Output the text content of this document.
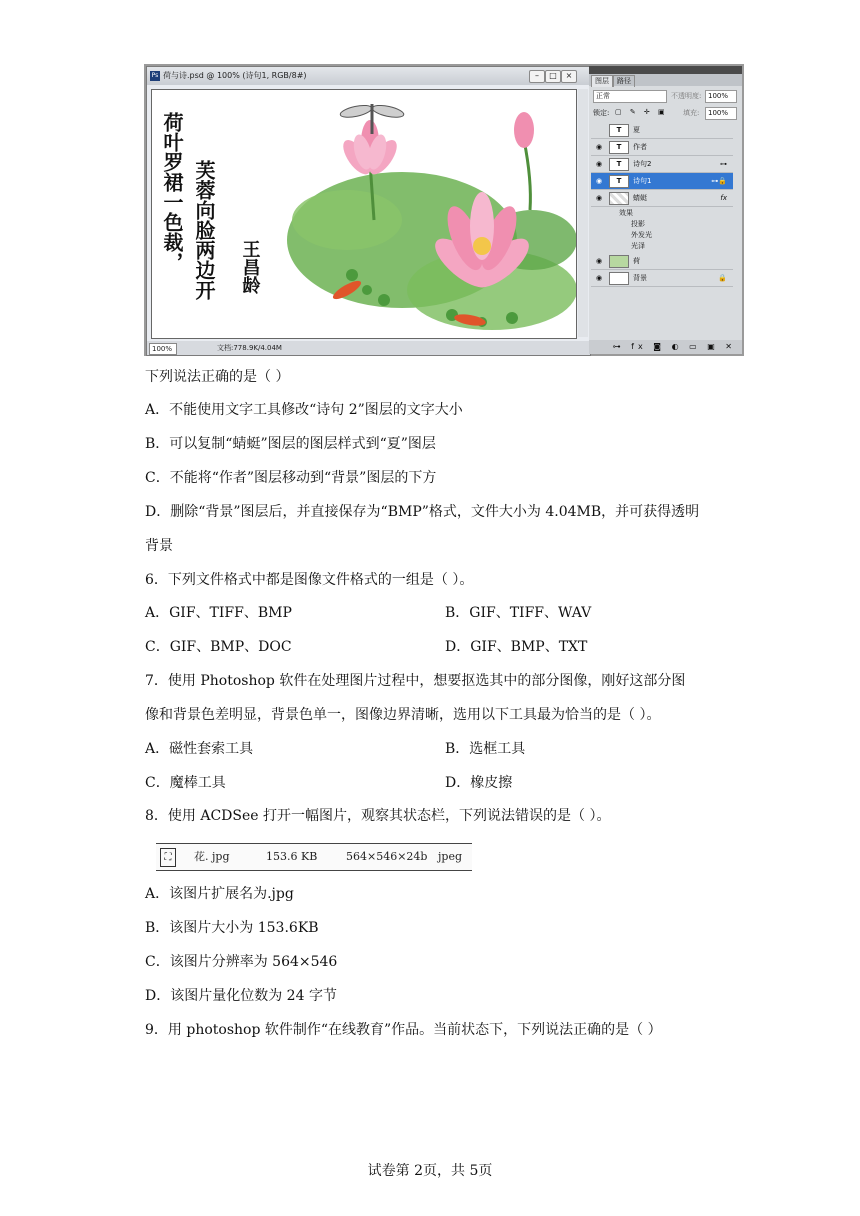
Ps 荷与诗.psd @ 100% (诗句1, RGB/8#)	–	□	×
荷叶罗裙一色裁， 芙蓉向脸两边开 王昌龄
100%	文档:778.9K/4.04M
图层	路径
正常	不透明度: 100%
锁定: ▢ ✎ ✛ ▣ 填充:	100%
T	夏
◉	T	作者
◉	T	诗句2	⊶
◉	T	诗句1	⊶🔒
◉	蜻蜓	fx
效果
投影
外发光
光泽
◉	荷
◉	背景	🔒
⊶ fx ◙ ◐ ▭ ▣ ✕
下列说法正确的是（ ）
A．不能使用文字工具修改“诗句 2”图层的文字大小
B．可以复制“蜻蜓”图层的图层样式到“夏”图层
C．不能将“作者”图层移动到“背景”图层的下方
D．删除“背景”图层后，并直接保存为“BMP”格式，文件大小为 4.04MB，并可获得透明
背景
6．下列文件格式中都是图像文件格式的一组是（ ）。
A．GIF、TIFF、BMP	B．GIF、TIFF、WAV
C．GIF、BMP、DOC	D．GIF、BMP、TXT
7．使用 Photoshop 软件在处理图片过程中，想要抠选其中的部分图像，刚好这部分图
像和背景色差明显，背景色单一，图像边界清晰，选用以下工具最为恰当的是（ ）。
A．磁性套索工具	B．选框工具
C．魔棒工具	D．橡皮擦
8．使用 ACDSee 打开一幅图片，观察其状态栏，下列说法错误的是（ ）。
⛶	花. jpg	153.6 KB	564×546×24b jpeg
A．该图片扩展名为.jpg
B．该图片大小为 153.6KB
C．该图片分辨率为 564×546
D．该图片量化位数为 24 字节
9．用 photoshop 软件制作“在线教育”作品。当前状态下，下列说法正确的是（ ）
试卷第 2页，共 5页
